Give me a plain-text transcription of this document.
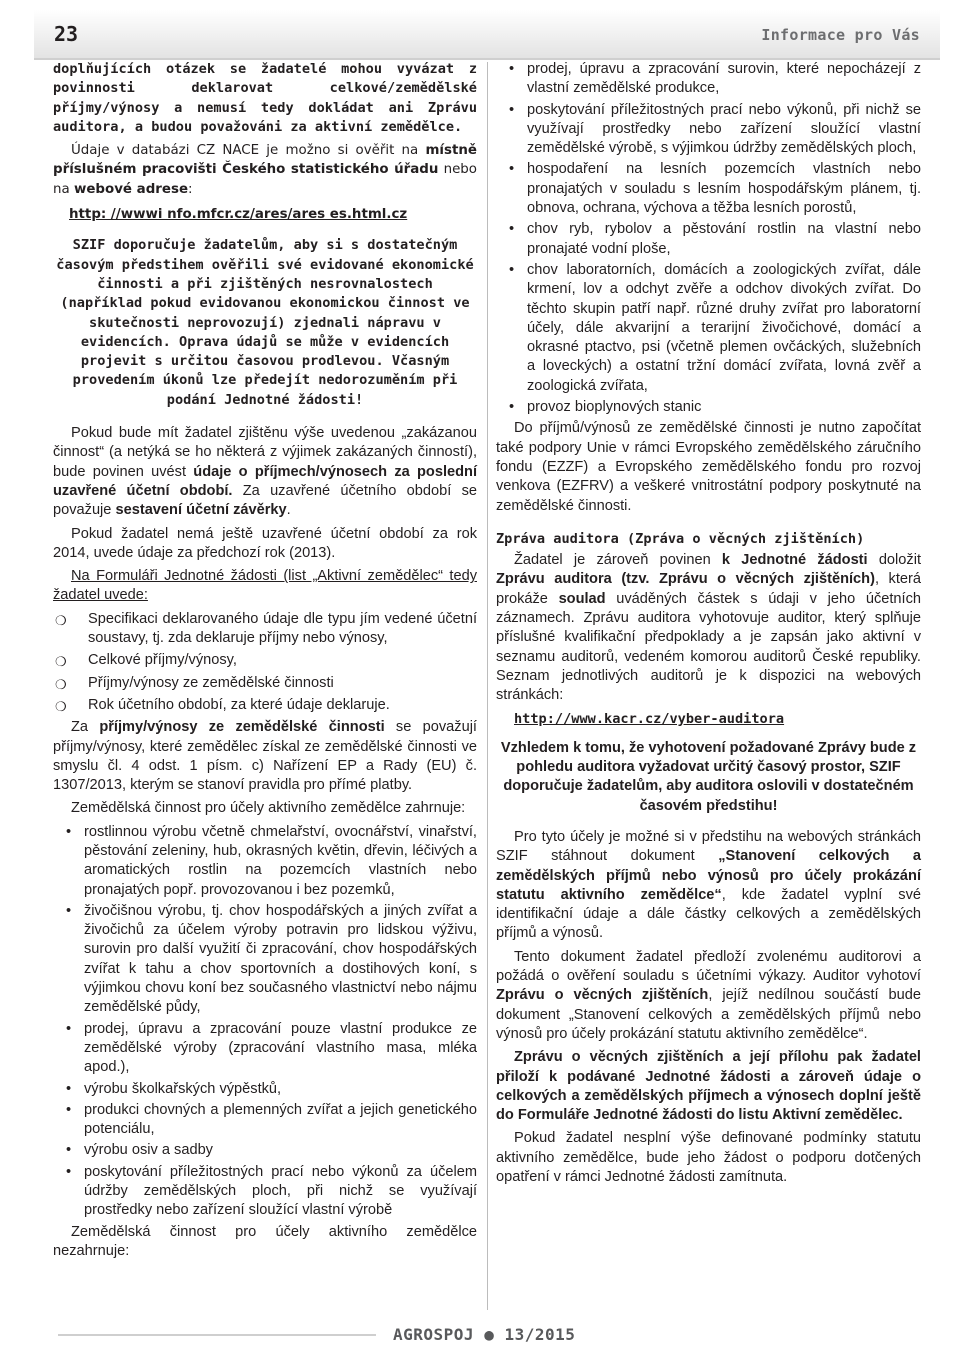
23	Informace pro Vás

doplňujících otázek se žadatelé mohou vyvázat z povinnosti deklarovat celkové/zemědělské příjmy/výnosy a nemusí tedy dokládat ani Zprávu auditora, a budou považováni za aktivní zemědělce.

Údaje v databázi CZ NACE je možno si ověřit na místně příslušném pracovišti Českého statistického úřadu nebo na webové adrese:

http: //wwwi nfo.mfcr.cz/ares/ares es.html.cz

SZIF doporučuje žadatelům, aby si s dostatečným časovým předstihem ověřili své evidované ekonomické činnosti a při zjištěných nesrovnalostech (například pokud evidovanou ekonomickou činnost ve skutečnosti neprovozují) zjednali nápravu v evidencích. Oprava údajů se může v evidencích projevit s určitou časovou prodlevou. Včasným provedením úkonů lze předejít nedorozuměním při podání Jednotné žádosti!

Pokud bude mít žadatel zjištěnu výše uvedenou „zakázanou činnost“ (a netýká se ho některá z výjimek zakázaných činností), bude povinen uvést údaje o příjmech/výnosech za poslední uzavřené účetní období. Za uzavřené účetního období se považuje sestavení účetní závěrky.

Pokud žadatel nemá ještě uzavřené účetní období za rok 2014, uvede údaje za předchozí rok (2013).

Na Formuláři Jednotné žádosti (list „Aktivní zemědělec“ tedy žadatel uvede:

❍ Specifikaci deklarovaného údaje dle typu jím vedené účetní soustavy, tj. zda deklaruje příjmy nebo výnosy,
❍ Celkové příjmy/výnosy,
❍ Příjmy/výnosy ze zemědělské činnosti
❍ Rok účetního období, za které údaje deklaruje.

Za příjmy/výnosy ze zemědělské činnosti se považují příjmy/výnosy, které zemědělec získal ze zemědělské činnosti ve smyslu čl. 4 odst. 1 písm. c) Nařízení EP a Rady (EU) č. 1307/2013, kterým se stanoví pravidla pro přímé platby.

Zemědělská činnost pro účely aktivního zemědělce zahrnuje:

• rostlinnou výrobu včetně chmelařství, ovocnářství, vinařství, pěstování zeleniny, hub, okrasných květin, dřevin, léčivých a aromatických rostlin na pozemcích vlastních nebo pronajatých popř. provozovanou i bez pozemků,
• živočišnou výrobu, tj. chov hospodářských a jiných zvířat a živočichů za účelem výroby potravin pro lidskou výživu, surovin pro další využití či zpracování, chov hospodářských zvířat k tahu a chov sportovních a dostihových koní, s výjimkou chovu koní bez současného vlastnictví nebo nájmu zemědělské půdy,
• prodej, úpravu a zpracování pouze vlastní produkce ze zemědělské výroby (zpracování vlastního masa, mléka apod.),
• výrobu školkařských výpěstků,
• produkci chovných a plemenných zvířat a jejich genetického potenciálu,
• výrobu osiv a sadby
• poskytování příležitostných prací nebo výkonů za účelem údržby zemědělských ploch, při nichž se využívají prostředky nebo zařízení sloužící vlastní výrobě

Zemědělská činnost pro účely aktivního zemědělce nezahrnuje:

• prodej, úpravu a zpracování surovin, které nepocházejí z vlastní zemědělské produkce,
• poskytování příležitostných prací nebo výkonů, při nichž se využívají prostředky nebo zařízení sloužící vlastní zemědělské výrobě, s výjimkou údržby zemědělských ploch,
• hospodaření na lesních pozemcích vlastních nebo pronajatých v souladu s lesním hospodářským plánem, tj. obnova, ochrana, výchova a těžba lesních porostů,
• chov ryb, rybolov a pěstování rostlin na vlastní nebo pronajaté vodní ploše,
• chov laboratorních, domácích a zoologických zvířat, dále krmení, lov a odchyt zvěře a odchov divokých zvířat. Do těchto skupin patří např. různé druhy zvířat pro laboratorní účely, dále akvarijní a terarijní živočichové, domácí a okrasné ptactvo, psi (včetně plemen ovčáckých, služebních a loveckých) a ostatní tržní domácí zvířata, lovná zvěř a zoologická zvířata,
• provoz bioplynových stanic

Do příjmů/výnosů ze zemědělské činnosti je nutno započítat také podpory Unie v rámci Evropského zemědělského záručního fondu (EZZF) a Evropského zemědělského fondu pro rozvoj venkova (EZFRV) a veškeré vnitrostátní podpory poskytnuté na zemědělské činnosti.

Zpráva auditora (Zpráva o věcných zjištěních)

Žadatel je zároveň povinen k Jednotné žádosti doložit Zprávu auditora (tzv. Zprávu o věcných zjištěních), která prokáže soulad uváděných částek s údaji v jeho účetních záznamech. Zprávu auditora vyhotovuje auditor, který splňuje příslušné kvalifikační předpoklady a je zapsán jako aktivní v seznamu auditorů, vedeném komorou auditorů České republiky. Seznam jednotlivých auditorů je k dispozici na webových stránkách:

http://www.kacr.cz/vyber-auditora

Vzhledem k tomu, že vyhotovení požadované Zprávy bude z pohledu auditora vyžadovat určitý časový prostor, SZIF doporučuje žadatelům, aby auditora oslovili v dostatečném časovém předstihu!

Pro tyto účely je možné si v předstihu na webových stránkách SZIF stáhnout dokument „Stanovení celkových a zemědělských příjmů nebo výnosů pro účely prokázání statutu aktivního zemědělce“, kde žadatel vyplní své identifikační údaje a dále částky celkových a zemědělských příjmů a výnosů.

Tento dokument žadatel předloží zvolenému auditorovi a požádá o ověření souladu s účetními výkazy. Auditor vyhotoví Zprávu o věcných zjištěních, jejíž nedílnou součástí bude dokument „Stanovení celkových a zemědělských příjmů nebo výnosů pro účely prokázání statutu aktivního zemědělce“.

Zprávu o věcných zjištěních a její přílohu pak žadatel přiloží k podávané Jednotné žádosti a zároveň údaje o celkových a zemědělských příjmech a výnosech doplní ještě do Formuláře Jednotné žádosti do listu Aktivní zemědělec.

Pokud žadatel nesplní výše definované podmínky statutu aktivního zemědělce, bude jeho žádost o podporu dotčených opatření v rámci Jednotné žádosti zamítnuta.

AGROSPOJ ● 13/2015
